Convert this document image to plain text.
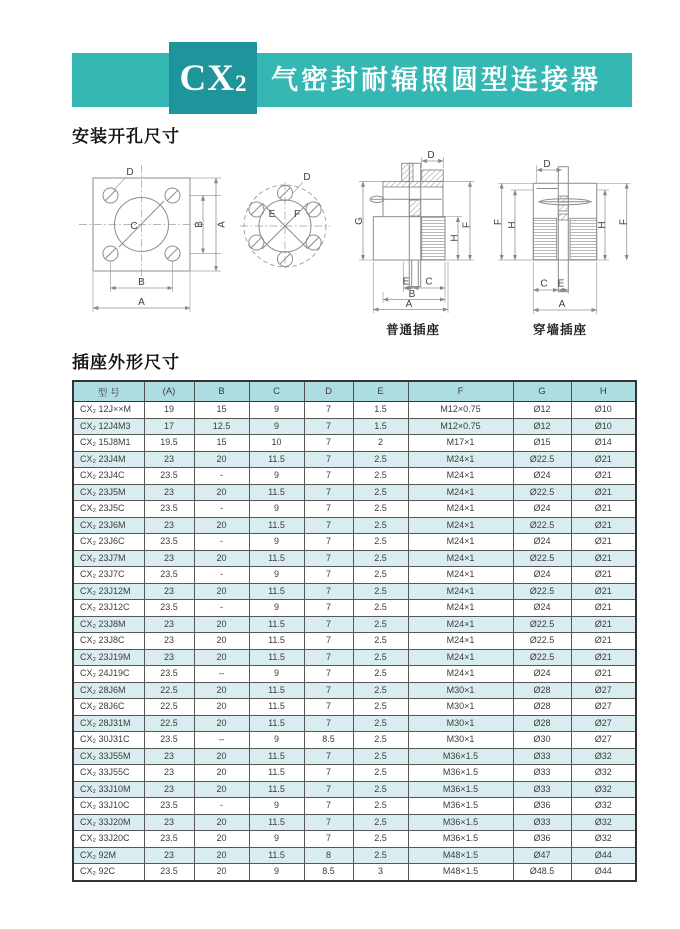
CX 2 气密封耐辐照圆型连接器
安装开孔尺寸
D
C	B A
B
A
D
E F
D
G
H
F
E C
B
A
D
F H	H F
C E
A
普通插座	穿墙插座
插座外形尺寸
型 号	(A)	B	C	D	E	F	G	H
CX₂ 12J××M	19	15	9	7	1.5	M12×0.75	Ø12	Ø10
CX₂ 12J4M3	17	12.5	9	7	1.5	M12×0.75	Ø12	Ø10
CX₂ 15J8M1	19.5	15	10	7	2	M17×1	Ø15	Ø14
CX₂ 23J4M	23	20	11.5	7	2.5	M24×1	Ø22.5	Ø21
CX₂ 23J4C	23.5	-	9	7	2.5	M24×1	Ø24	Ø21
CX₂ 23J5M	23	20	11.5	7	2.5	M24×1	Ø22.5	Ø21
CX₂ 23J5C	23.5	-	9	7	2.5	M24×1	Ø24	Ø21
CX₂ 23J6M	23	20	11.5	7	2.5	M24×1	Ø22.5	Ø21
CX₂ 23J6C	23.5	-	9	7	2.5	M24×1	Ø24	Ø21
CX₂ 23J7M	23	20	11.5	7	2.5	M24×1	Ø22.5	Ø21
CX₂ 23J7C	23.5	-	9	7	2.5	M24×1	Ø24	Ø21
CX₂ 23J12M	23	20	11.5	7	2.5	M24×1	Ø22.5	Ø21
CX₂ 23J12C	23.5	-	9	7	2.5	M24×1	Ø24	Ø21
CX₂ 23J8M	23	20	11.5	7	2.5	M24×1	Ø22.5	Ø21
CX₂ 23J8C	23	20	11.5	7	2.5	M24×1	Ø22.5	Ø21
CX₂ 23J19M	23	20	11.5	7	2.5	M24×1	Ø22.5	Ø21
CX₂ 24J19C	23.5	–	9	7	2.5	M24×1	Ø24	Ø21
CX₂ 28J6M	22.5	20	11.5	7	2.5	M30×1	Ø28	Ø27
CX₂ 28J6C	22.5	20	11.5	7	2.5	M30×1	Ø28	Ø27
CX₂ 28J31M	22.5	20	11.5	7	2.5	M30×1	Ø28	Ø27
CX₂ 30J31C	23.5	–	9	8.5	2.5	M30×1	Ø30	Ø27
CX₂ 33J55M	23	20	11.5	7	2.5	M36×1.5	Ø33	Ø32
CX₂ 33J55C	23	20	11.5	7	2.5	M36×1.5	Ø33	Ø32
CX₂ 33J10M	23	20	11.5	7	2.5	M36×1.5	Ø33	Ø32
CX₂ 33J10C	23.5	-	9	7	2.5	M36×1.5	Ø36	Ø32
CX₂ 33J20M	23	20	11.5	7	2.5	M36×1.5	Ø33	Ø32
CX₂ 33J20C	23.5	20	9	7	2.5	M36×1.5	Ø36	Ø32
CX₂ 92M	23	20	11.5	8	2.5	M48×1.5	Ø47	Ø44
CX₂ 92C	23.5	20	9	8.5	3	M48×1.5	Ø48.5	Ø44
